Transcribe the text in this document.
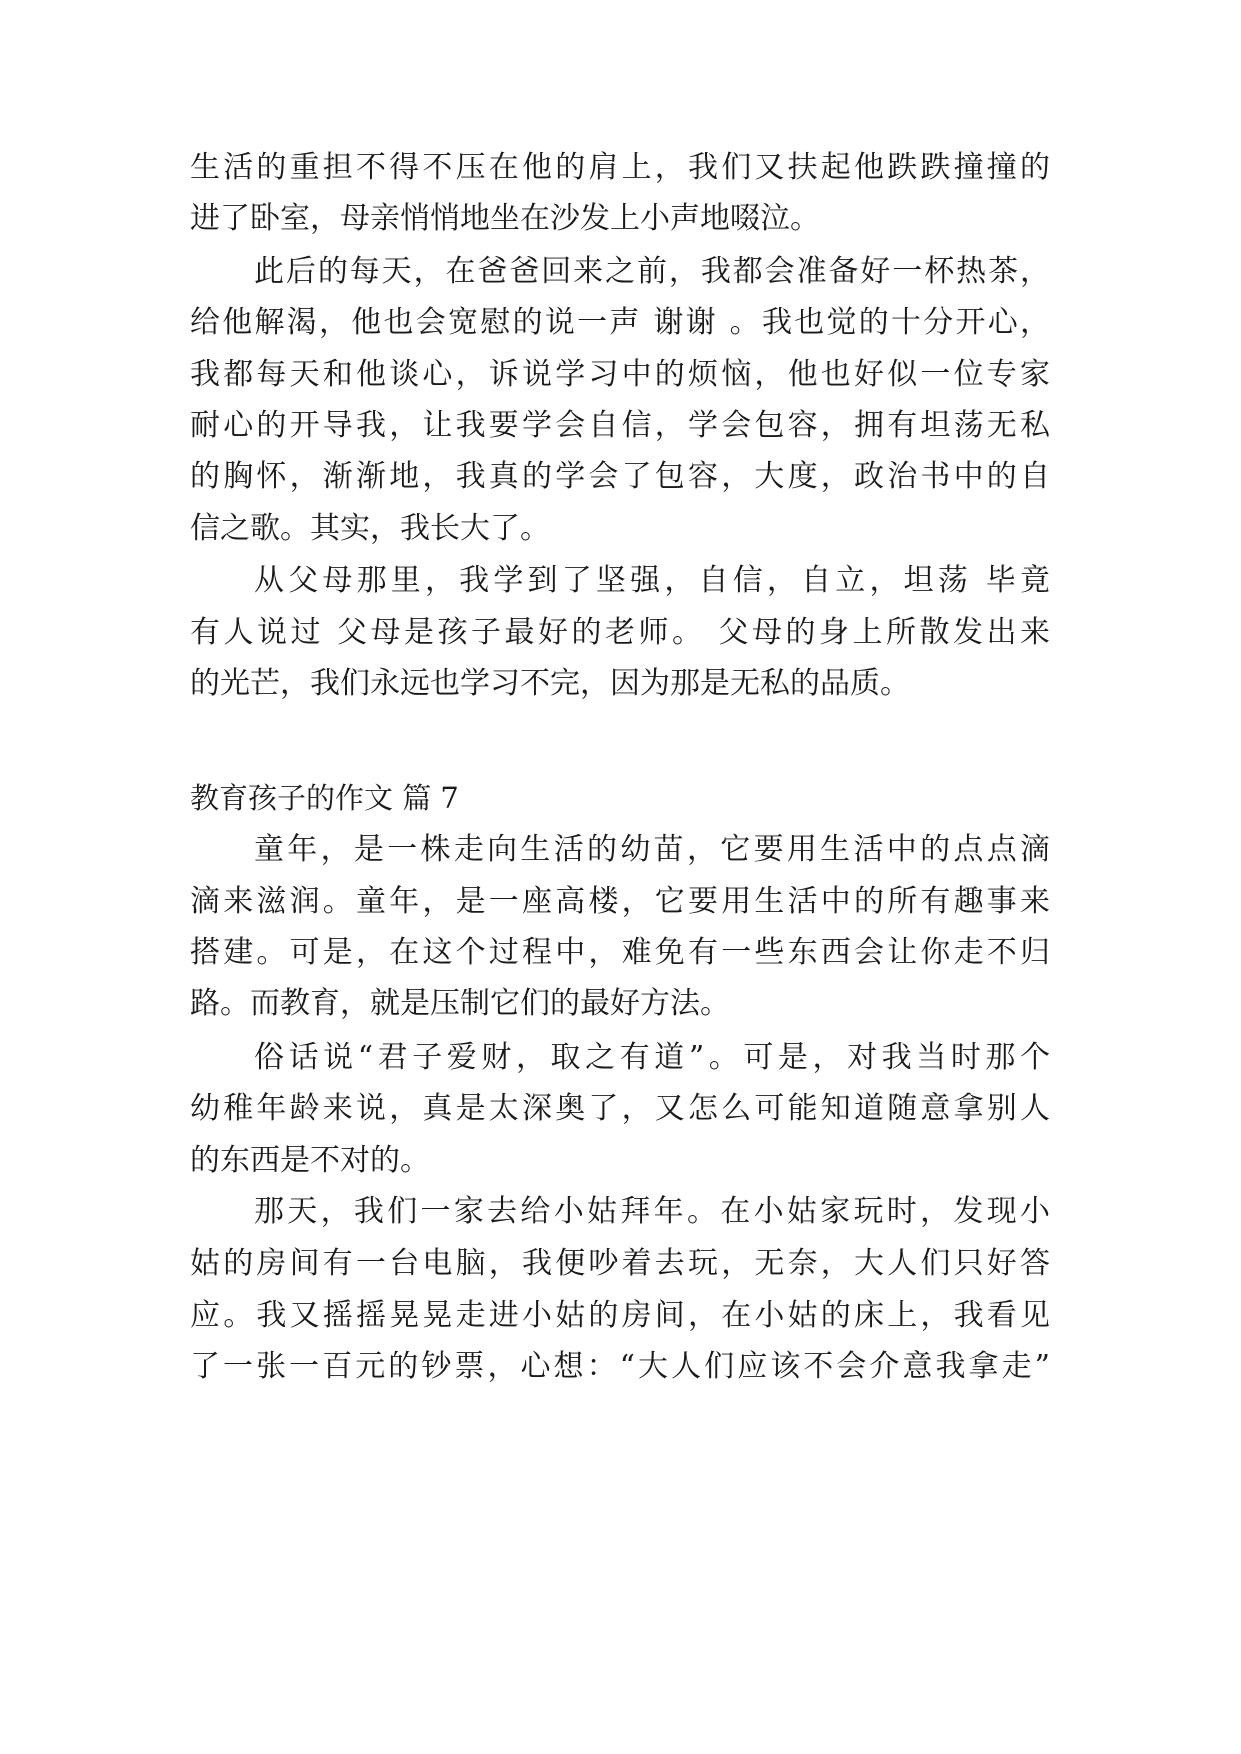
生活的重担不得不压在他的肩上，我们又扶起他跌跌撞撞的
进了卧室，母亲悄悄地坐在沙发上小声地啜泣。
此后的每天，在爸爸回来之前，我都会准备好一杯热茶，
给他解渴，他也会宽慰的说一声 谢谢 。我也觉的十分开心，
我都每天和他谈心，诉说学习中的烦恼，他也好似一位专家
耐心的开导我，让我要学会自信，学会包容，拥有坦荡无私
的胸怀，渐渐地，我真的学会了包容，大度，政治书中的自
信之歌。其实，我长大了。
从父母那里，我学到了坚强，自信，自立，坦荡 毕竟
有人说过 父母是孩子最好的老师。 父母的身上所散发出来
的光芒，我们永远也学习不完，因为那是无私的品质。
教育孩子的作文 篇 7
童年，是一株走向生活的幼苗，它要用生活中的点点滴
滴来滋润。童年，是一座高楼，它要用生活中的所有趣事来
搭建。可是，在这个过程中，难免有一些东西会让你走不归
路。而教育，就是压制它们的最好方法。
俗话说“君子爱财，取之有道”。可是，对我当时那个
幼稚年龄来说，真是太深奥了，又怎么可能知道随意拿别人
的东西是不对的。
那天，我们一家去给小姑拜年。在小姑家玩时，发现小
姑的房间有一台电脑，我便吵着去玩，无奈，大人们只好答
应。我又摇摇晃晃走进小姑的房间，在小姑的床上，我看见
了一张一百元的钞票，心想：“大人们应该不会介意我拿走”
